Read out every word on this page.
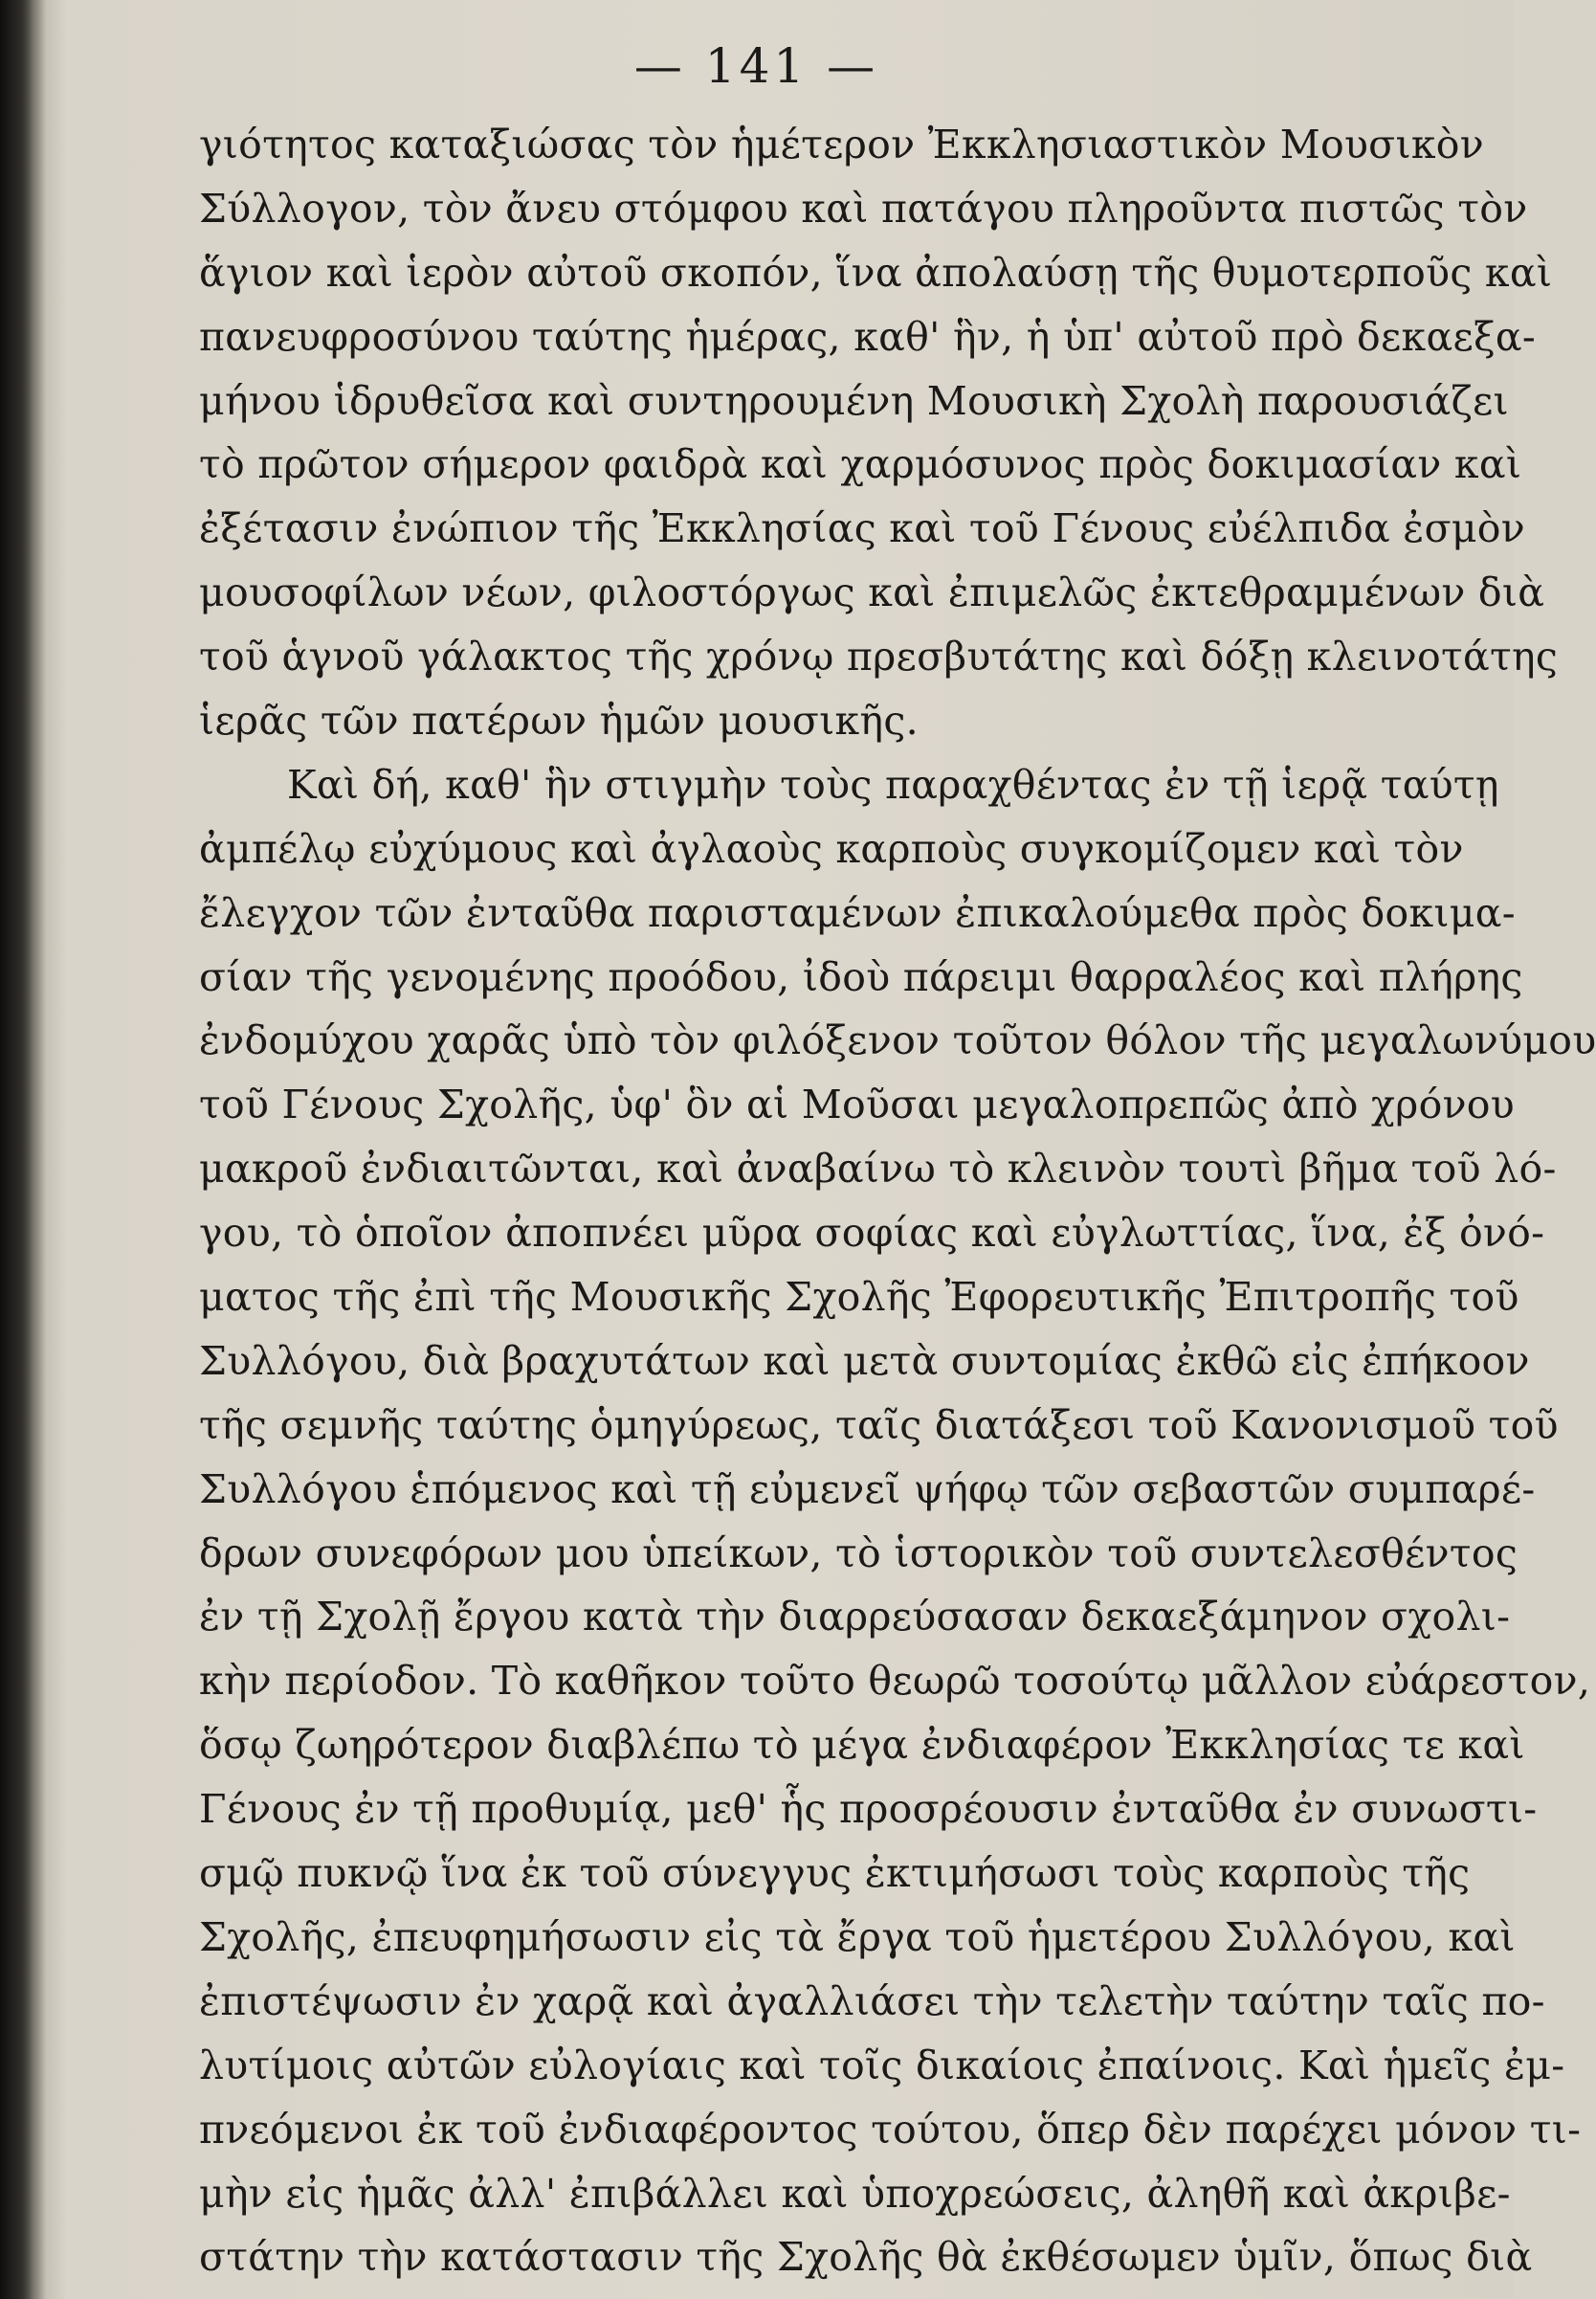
— 141 —
γιότητος καταξιώσας τὸν ἡμέτερον Ἐκκλησιαστικὸν Μουσικὸν
Σύλλογον, τὸν ἄνευ στόμφου καὶ πατάγου πληροῦντα πιστῶς τὸν
ἅγιον καὶ ἱερὸν αὐτοῦ σκοπόν, ἵνα ἀπολαύσῃ τῆς θυμοτερποῦς καὶ
πανευφροσύνου ταύτης ἡμέρας, καθ' ἣν, ἡ ὑπ' αὐτοῦ πρὸ δεκαεξα-
μήνου ἱδρυθεῖσα καὶ συντηρουμένη Μουσικὴ Σχολὴ παρουσιάζει
τὸ πρῶτον σήμερον φαιδρὰ καὶ χαρμόσυνος πρὸς δοκιμασίαν καὶ
ἐξέτασιν ἐνώπιον τῆς Ἐκκλησίας καὶ τοῦ Γένους εὐέλπιδα ἐσμὸν
μουσοφίλων νέων, φιλοστόργως καὶ ἐπιμελῶς ἐκτεθραμμένων διὰ
τοῦ ἁγνοῦ γάλακτος τῆς χρόνῳ πρεσβυτάτης καὶ δόξῃ κλεινοτάτης
ἱερᾶς τῶν πατέρων ἡμῶν μουσικῆς.
Καὶ δή, καθ' ἣν στιγμὴν τοὺς παραχθέντας ἐν τῇ ἱερᾷ ταύτῃ
ἀμπέλῳ εὐχύμους καὶ ἀγλαοὺς καρποὺς συγκομίζομεν καὶ τὸν
ἔλεγχον τῶν ἐνταῦθα παρισταμένων ἐπικαλούμεθα πρὸς δοκιμα-
σίαν τῆς γενομένης προόδου, ἰδοὺ πάρειμι θαρραλέος καὶ πλήρης
ἐνδομύχου χαρᾶς ὑπὸ τὸν φιλόξενον τοῦτον θόλον τῆς μεγαλωνύμου
τοῦ Γένους Σχολῆς, ὑφ' ὃν αἱ Μοῦσαι μεγαλοπρεπῶς ἀπὸ χρόνου
μακροῦ ἐνδιαιτῶνται, καὶ ἀναβαίνω τὸ κλεινὸν τουτὶ βῆμα τοῦ λό-
γου, τὸ ὁποῖον ἀποπνέει μῦρα σοφίας καὶ εὐγλωττίας, ἵνα, ἐξ ὀνό-
ματος τῆς ἐπὶ τῆς Μουσικῆς Σχολῆς Ἐφορευτικῆς Ἐπιτροπῆς τοῦ
Συλλόγου, διὰ βραχυτάτων καὶ μετὰ συντομίας ἐκθῶ εἰς ἐπήκοον
τῆς σεμνῆς ταύτης ὁμηγύρεως, ταῖς διατάξεσι τοῦ Κανονισμοῦ τοῦ
Συλλόγου ἑπόμενος καὶ τῇ εὐμενεῖ ψήφῳ τῶν σεβαστῶν συμπαρέ-
δρων συνεφόρων μου ὑπείκων, τὸ ἱστορικὸν τοῦ συντελεσθέντος
ἐν τῇ Σχολῇ ἔργου κατὰ τὴν διαρρεύσασαν δεκαεξάμηνον σχολι-
κὴν περίοδον. Τὸ καθῆκον τοῦτο θεωρῶ τοσούτῳ μᾶλλον εὐάρεστον,
ὅσῳ ζωηρότερον διαβλέπω τὸ μέγα ἐνδιαφέρον Ἐκκλησίας τε καὶ
Γένους ἐν τῇ προθυμίᾳ, μεθ' ἧς προσρέουσιν ἐνταῦθα ἐν συνωστι-
σμῷ πυκνῷ ἵνα ἐκ τοῦ σύνεγγυς ἐκτιμήσωσι τοὺς καρποὺς τῆς
Σχολῆς, ἐπευφημήσωσιν εἰς τὰ ἔργα τοῦ ἡμετέρου Συλλόγου, καὶ
ἐπιστέψωσιν ἐν χαρᾷ καὶ ἀγαλλιάσει τὴν τελετὴν ταύτην ταῖς πο-
λυτίμοις αὐτῶν εὐλογίαις καὶ τοῖς δικαίοις ἐπαίνοις. Καὶ ἡμεῖς ἐμ-
πνεόμενοι ἐκ τοῦ ἐνδιαφέροντος τούτου, ὅπερ δὲν παρέχει μόνον τι-
μὴν εἰς ἡμᾶς ἀλλ' ἐπιβάλλει καὶ ὑποχρεώσεις, ἀληθῆ καὶ ἀκριβε-
στάτην τὴν κατάστασιν τῆς Σχολῆς θὰ ἐκθέσωμεν ὑμῖν, ὅπως διὰ
